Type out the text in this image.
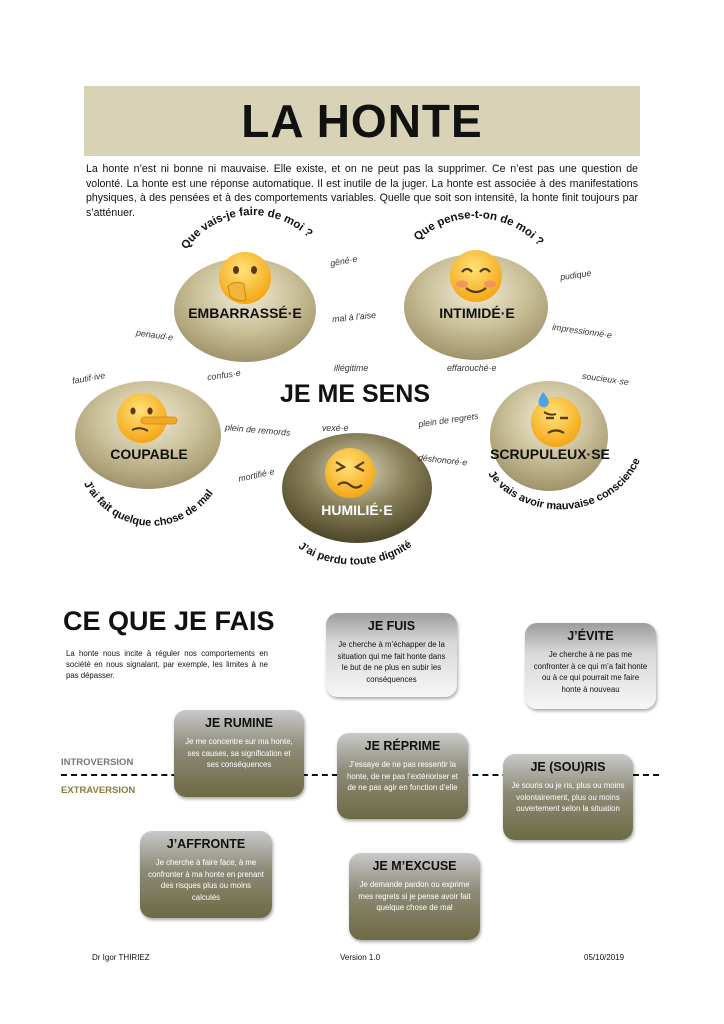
LA HONTE
La honte n’est ni bonne ni mauvaise. Elle existe, et on ne peut pas la supprimer. Ce n’est pas une question de volonté. La honte est une réponse automatique. Il est inutile de la juger. La honte est associée à des manifestations physiques, à des pensées et à des comportements variables. Quelle que soit son intensité, la honte finit toujours par s’atténuer.
Que vais-je faire de moi ?	Que pense-t-on de moi ?
J’ai fait quelque chose de mal
J’ai perdu toute dignité
Je vais avoir mauvaise conscience
EMBARRASSÉ·E	INTIMIDÉ·E
COUPABLE
HUMILIÉ·E
SCRUPULEUX·SE
JE ME SENS
gêné·e
pudique
penaud·e
mal à l’aise
impressionné·e
illégitime	effarouché·e
fautif·ive	confus·e	soucieux·se
plein de remords	vexé·e	plein de regrets
déshonoré·e
mortifié·e
CE QUE JE FAIS
La honte nous incite à réguler nos comportements en société en nous signalant, par exemple, les limites à ne pas dépasser.
INTROVERSION
EXTRAVERSION
JE FUIS
Je cherche à m’échapper de la situation qui me fait honte dans le but de ne plus en subir les conséquences
J’ÉVITE
Je cherche à ne pas me confronter à ce qui m’a fait honte ou à ce qui pourrait me faire honte à nouveau
JE RUMINE
Je me concentre sur ma honte, ses causes, sa signification et ses conséquences
JE RÉPRIME
J’essaye de ne pas ressentir la honte, de ne pas l’extérioriser et de ne pas agir en fonction d’elle
JE (SOU)RIS
Je souris ou je ris, plus ou moins volontairement, plus ou moins ouvertement selon la situation
J’AFFRONTE
Je cherche à faire face, à me confronter à ma honte en prenant des risques plus ou moins calculés
JE M’EXCUSE
Je demande pardon ou exprime mes regrets si je pense avoir fait quelque chose de mal
Dr Igor THIRIEZ	Version 1.0	05/10/2019
